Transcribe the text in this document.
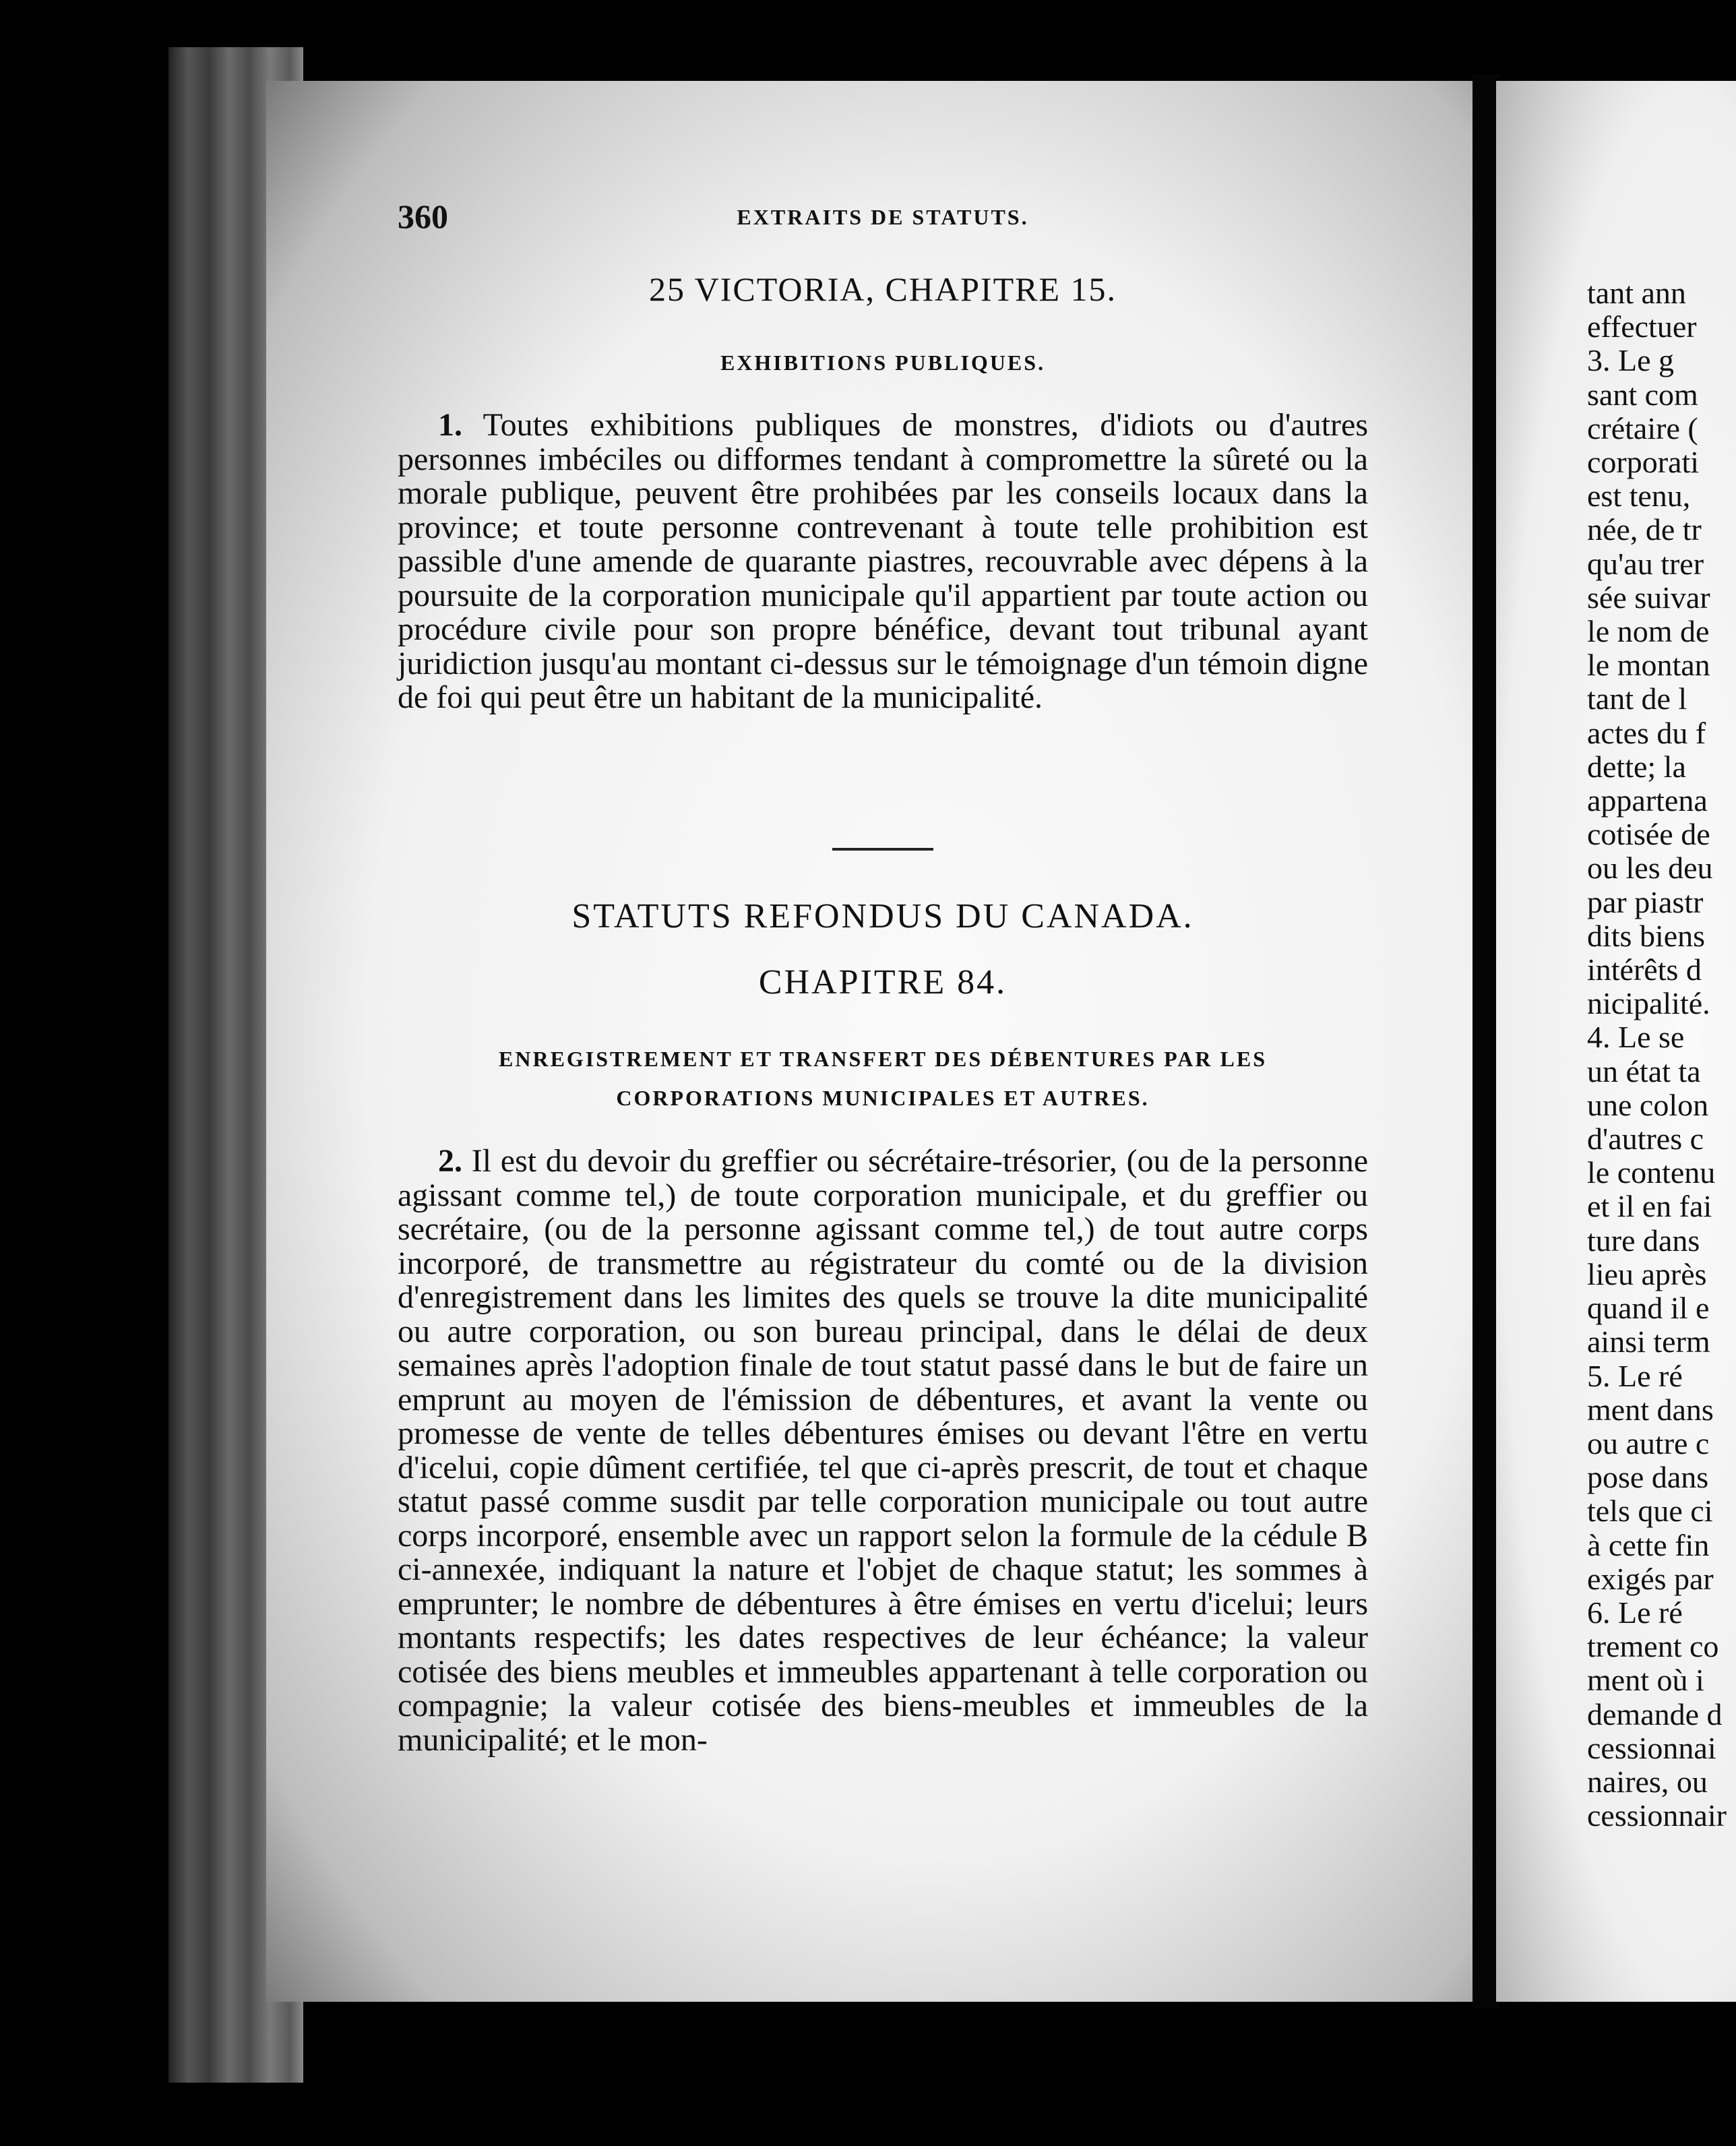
360	EXTRAITS DE STATUTS.
25 VICTORIA, CHAPITRE 15.
EXHIBITIONS PUBLIQUES.
1. Toutes exhibitions publiques de monstres, d'idiots ou d'autres personnes imbéciles ou difformes tendant à compromettre la sûreté ou la morale publique, peuvent être prohibées par les conseils locaux dans la province; et toute personne contrevenant à toute telle prohibition est passible d'une amende de quarante piastres, recouvrable avec dépens à la poursuite de la corporation municipale qu'il appartient par toute action ou procédure civile pour son propre bénéfice, devant tout tribunal ayant juridiction jusqu'au montant ci-dessus sur le témoignage d'un témoin digne de foi qui peut être un habitant de la municipalité.
STATUTS REFONDUS DU CANADA.
CHAPITRE 84.
ENREGISTREMENT ET TRANSFERT DES DÉBENTURES PAR LES CORPORATIONS MUNICIPALES ET AUTRES.
2. Il est du devoir du greffier ou sécrétaire-trésorier, (ou de la personne agissant comme tel,) de toute corporation municipale, et du greffier ou secrétaire, (ou de la personne agissant comme tel,) de tout autre corps incorporé, de transmettre au régistrateur du comté ou de la division d'enregistrement dans les limites des quels se trouve la dite municipalité ou autre corporation, ou son bureau principal, dans le délai de deux semaines après l'adoption finale de tout statut passé dans le but de faire un emprunt au moyen de l'émission de débentures, et avant la vente ou promesse de vente de telles débentures émises ou devant l'être en vertu d'icelui, copie dûment certifiée, tel que ci-après prescrit, de tout et chaque statut passé comme susdit par telle corporation municipale ou tout autre corps incorporé, ensemble avec un rapport selon la formule de la cédule B ci-annexée, indiquant la nature et l'objet de chaque statut; les sommes à emprunter; le nombre de débentures à être émises en vertu d'icelui; leurs montants respectifs; les dates respectives de leur échéance; la valeur cotisée des biens meubles et immeubles appartenant à telle corporation ou compagnie; la valeur cotisée des biens-meubles et immeubles de la municipalité; et le mon-
tant ann
effectuer
3. Le g
sant com
crétaire (
corporati
est tenu,
née, de tr
qu'au trer
sée suivar
le nom de
le montan
tant de l
actes du f
dette; la
appartena
cotisée de
ou les deu
par piastr
dits biens
intérêts d
nicipalité.
4. Le se
un état ta
une colon
d'autres c
le contenu
et il en fai
ture dans
lieu après
quand il e
ainsi term
5. Le ré
ment dans
ou autre c
pose dans
tels que ci
à cette fin
exigés par
6. Le ré
trement co
ment où i
demande d
cessionnai
naires, ou
cessionnair
